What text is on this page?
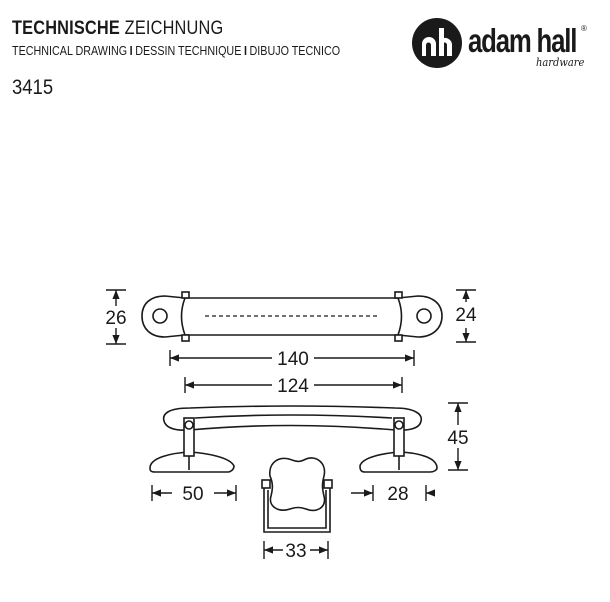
TECHNISCHE ZEICHNUNG
TECHNICAL DRAWING I DESSIN TECHNIQUE I DIBUJO TECNICO
3415
adam hall ®
hardware
26	24
140
124
45
50	28
33
